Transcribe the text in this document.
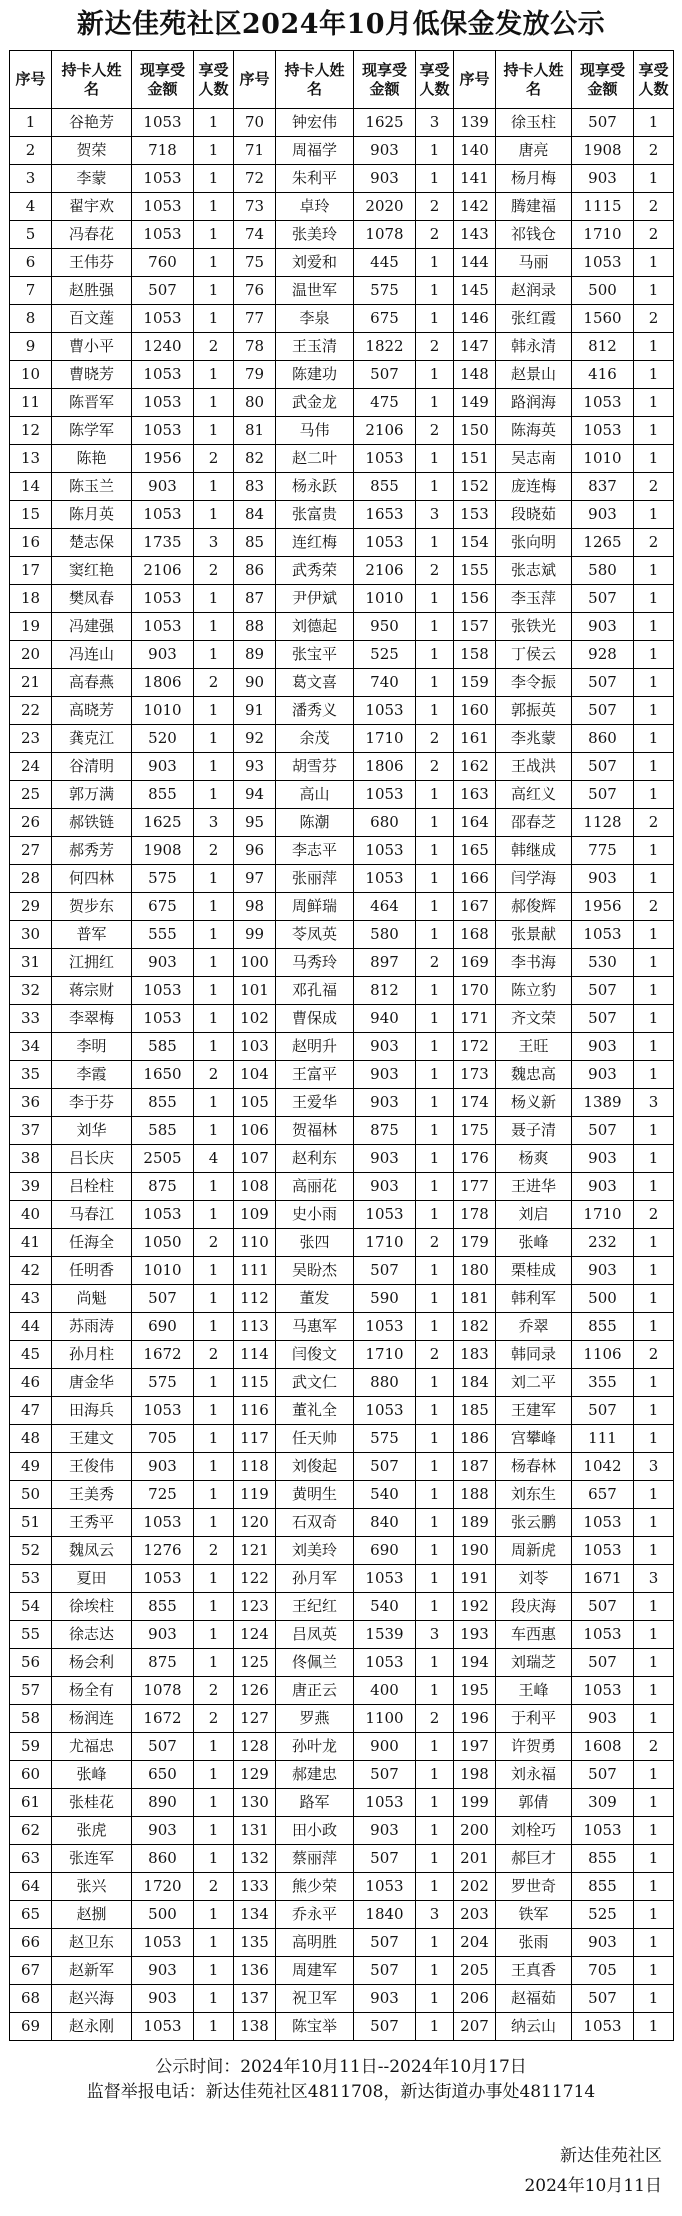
新达佳苑社区2024年10月低保金发放公示
序号	持卡人姓名	现享受金额	享受人数	序号	持卡人姓名	现享受金额	享受人数	序号	持卡人姓名	现享受金额	享受人数
1	谷艳芳	1053	1	70	钟宏伟	1625	3	139	徐玉柱	507	1
2	贺荣	718	1	71	周福学	903	1	140	唐亮	1908	2
3	李蒙	1053	1	72	朱利平	903	1	141	杨月梅	903	1
4	翟宇欢	1053	1	73	卓玲	2020	2	142	腾建福	1115	2
5	冯春花	1053	1	74	张美玲	1078	2	143	祁钱仓	1710	2
6	王伟芬	760	1	75	刘爱和	445	1	144	马丽	1053	1
7	赵胜强	507	1	76	温世军	575	1	145	赵润录	500	1
8	百文莲	1053	1	77	李泉	675	1	146	张红霞	1560	2
9	曹小平	1240	2	78	王玉清	1822	2	147	韩永清	812	1
10	曹晓芳	1053	1	79	陈建功	507	1	148	赵景山	416	1
11	陈晋军	1053	1	80	武金龙	475	1	149	路润海	1053	1
12	陈学军	1053	1	81	马伟	2106	2	150	陈海英	1053	1
13	陈艳	1956	2	82	赵二叶	1053	1	151	吴志南	1010	1
14	陈玉兰	903	1	83	杨永跃	855	1	152	庞连梅	837	2
15	陈月英	1053	1	84	张富贵	1653	3	153	段晓茹	903	1
16	楚志保	1735	3	85	连红梅	1053	1	154	张向明	1265	2
17	窦红艳	2106	2	86	武秀荣	2106	2	155	张志斌	580	1
18	樊凤春	1053	1	87	尹伊斌	1010	1	156	李玉萍	507	1
19	冯建强	1053	1	88	刘德起	950	1	157	张铁光	903	1
20	冯连山	903	1	89	张宝平	525	1	158	丁侯云	928	1
21	高春燕	1806	2	90	葛文喜	740	1	159	李令振	507	1
22	高晓芳	1010	1	91	潘秀义	1053	1	160	郭振英	507	1
23	龚克江	520	1	92	余茂	1710	2	161	李兆蒙	860	1
24	谷清明	903	1	93	胡雪芬	1806	2	162	王战洪	507	1
25	郭万满	855	1	94	高山	1053	1	163	高红义	507	1
26	郝铁链	1625	3	95	陈潮	680	1	164	邵春芝	1128	2
27	郝秀芳	1908	2	96	李志平	1053	1	165	韩继成	775	1
28	何四林	575	1	97	张丽萍	1053	1	166	闫学海	903	1
29	贺步东	675	1	98	周鲜瑞	464	1	167	郝俊辉	1956	2
30	普军	555	1	99	苓凤英	580	1	168	张景献	1053	1
31	江拥红	903	1	100	马秀玲	897	2	169	李书海	530	1
32	蒋宗财	1053	1	101	邓孔福	812	1	170	陈立豹	507	1
33	李翠梅	1053	1	102	曹保成	940	1	171	齐文荣	507	1
34	李明	585	1	103	赵明升	903	1	172	王旺	903	1
35	李霞	1650	2	104	王富平	903	1	173	魏忠高	903	1
36	李于芬	855	1	105	王爱华	903	1	174	杨义新	1389	3
37	刘华	585	1	106	贺福林	875	1	175	聂子清	507	1
38	吕长庆	2505	4	107	赵利东	903	1	176	杨爽	903	1
39	吕栓柱	875	1	108	高丽花	903	1	177	王进华	903	1
40	马春江	1053	1	109	史小雨	1053	1	178	刘启	1710	2
41	任海全	1050	2	110	张四	1710	2	179	张峰	232	1
42	任明香	1010	1	111	吴盼杰	507	1	180	栗桂成	903	1
43	尚魁	507	1	112	董发	590	1	181	韩利军	500	1
44	苏雨涛	690	1	113	马惠军	1053	1	182	乔翠	855	1
45	孙月柱	1672	2	114	闫俊文	1710	2	183	韩同录	1106	2
46	唐金华	575	1	115	武文仁	880	1	184	刘二平	355	1
47	田海兵	1053	1	116	董礼全	1053	1	185	王建军	507	1
48	王建文	705	1	117	任天帅	575	1	186	宫攀峰	111	1
49	王俊伟	903	1	118	刘俊起	507	1	187	杨春林	1042	3
50	王美秀	725	1	119	黄明生	540	1	188	刘东生	657	1
51	王秀平	1053	1	120	石双奇	840	1	189	张云鹏	1053	1
52	魏凤云	1276	2	121	刘美玲	690	1	190	周新虎	1053	1
53	夏田	1053	1	122	孙月军	1053	1	191	刘苓	1671	3
54	徐埃柱	855	1	123	王纪红	540	1	192	段庆海	507	1
55	徐志达	903	1	124	吕凤英	1539	3	193	车西惠	1053	1
56	杨会利	875	1	125	佟佩兰	1053	1	194	刘瑞芝	507	1
57	杨全有	1078	2	126	唐正云	400	1	195	王峰	1053	1
58	杨润连	1672	2	127	罗燕	1100	2	196	于利平	903	1
59	尤福忠	507	1	128	孙叶龙	900	1	197	许贺勇	1608	2
60	张峰	650	1	129	郝建忠	507	1	198	刘永福	507	1
61	张桂花	890	1	130	路军	1053	1	199	郭倩	309	1
62	张虎	903	1	131	田小政	903	1	200	刘栓巧	1053	1
63	张连军	860	1	132	蔡丽萍	507	1	201	郝巨才	855	1
64	张兴	1720	2	133	熊少荣	1053	1	202	罗世奇	855	1
65	赵捌	500	1	134	乔永平	1840	3	203	铁军	525	1
66	赵卫东	1053	1	135	高明胜	507	1	204	张雨	903	1
67	赵新军	903	1	136	周建军	507	1	205	王真香	705	1
68	赵兴海	903	1	137	祝卫军	903	1	206	赵福茹	507	1
69	赵永刚	1053	1	138	陈宝举	507	1	207	纳云山	1053	1
公示时间：2024年10月11日--2024年10月17日
监督举报电话：新达佳苑社区4811708，新达街道办事处4811714
新达佳苑社区
2024年10月11日
